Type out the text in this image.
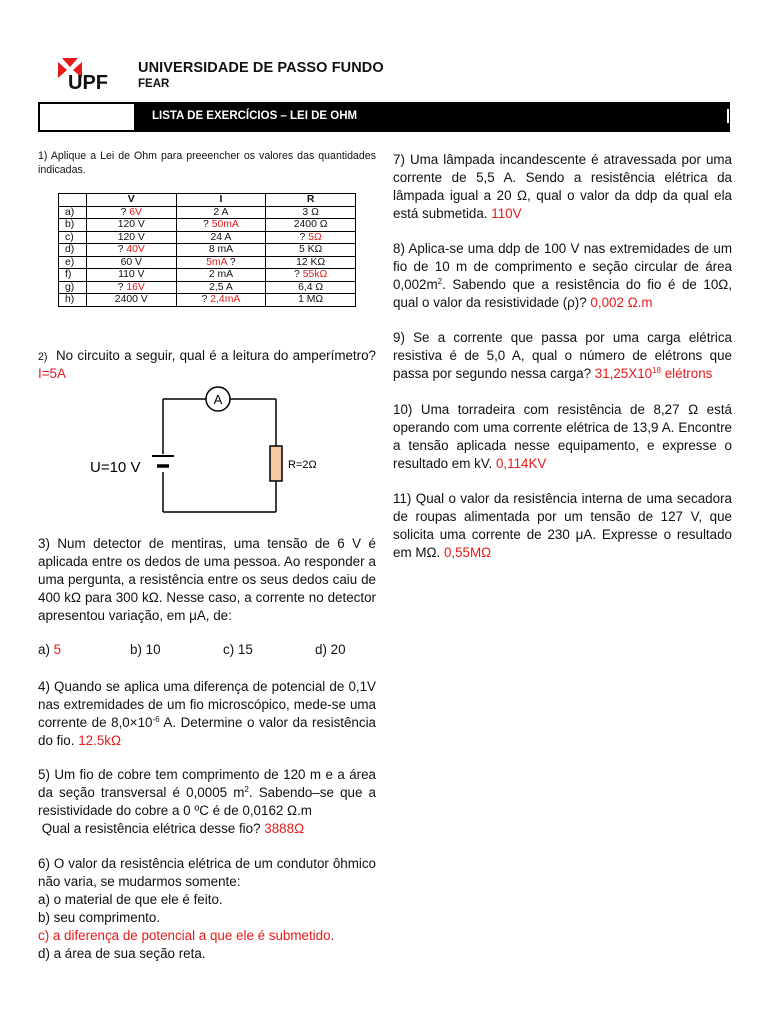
UPF
UNIVERSIDADE DE PASSO FUNDO
FEAR
LISTA DE EXERCÍCIOS – LEI DE OHM

1) Aplique a Lei de Ohm para preeencher os valores das quantidades indicadas.

	V	I	R
a)	? 6V	2 A	3 Ω
b)	120 V	? 50mA	2400 Ω
c)	120 V	24 A	? 5Ω
d)	? 40V	8 mA	5 KΩ
e)	60 V	5mA ?	12 KΩ
f)	110 V	2 mA	? 55kΩ
g)	? 16V	2,5 A	6,4 Ω
h)	2400 V	? 2,4mA	1 MΩ

2) No circuito a seguir, qual é a leitura do amperímetro? I=5A

A
U=10 V	R=2Ω

3) Num detector de mentiras, uma tensão de 6 V é aplicada entre os dedos de uma pessoa. Ao responder a uma pergunta, a resistência entre os seus dedos caiu de 400 kΩ para 300 kΩ. Nesse caso, a corrente no detector apresentou variação, em μA, de:

a) 5	b) 10	c) 15	d) 20

4) Quando se aplica uma diferença de potencial de 0,1V nas extremidades de um fio microscópico, mede-se uma corrente de $8,0\times 10^{-6}$ A. Determine o valor da resistência do fio. 12.5kΩ

5) Um fio de cobre tem comprimento de 120 m e a área da seção transversal é 0,0005 $m^2$. Sabendo–se que a resistividade do cobre a 0 ºC é de 0,0162 Ω.m

Qual a resistência elétrica desse fio? 3888Ω

6) O valor da resistência elétrica de um condutor ôhmico não varia, se mudarmos somente:

a) o material de que ele é feito.

b) seu comprimento.

c) a diferença de potencial a que ele é submetido.

d) a área de sua seção reta.

7) Uma lâmpada incandescente é atravessada por uma corrente de 5,5 A. Sendo a resistência elétrica da lâmpada igual a 20 Ω, qual o valor da ddp da qual ela está submetida. 110V

8) Aplica-se uma ddp de 100 V nas extremidades de um fio de 10 m de comprimento e seção circular de área $0,002m^2$. Sabendo que a resistência do fio é de 10Ω, qual o valor da resistividade (ρ)? 0,002 Ω.m

9) Se a corrente que passa por uma carga elétrica resistiva é de 5,0 A, qual o número de elétrons que passa por segundo nessa carga? $31,25X10^{18}$ elétrons

10) Uma torradeira com resistência de 8,27 Ω está operando com uma corrente elétrica de 13,9 A. Encontre a tensão aplicada nesse equipamento, e expresse o resultado em kV. 0,114KV

11) Qual o valor da resistência interna de uma secadora de roupas alimentada por um tensão de 127 V, que solicita uma corrente de 230 μA. Expresse o resultado em MΩ. 0,55MΩ
